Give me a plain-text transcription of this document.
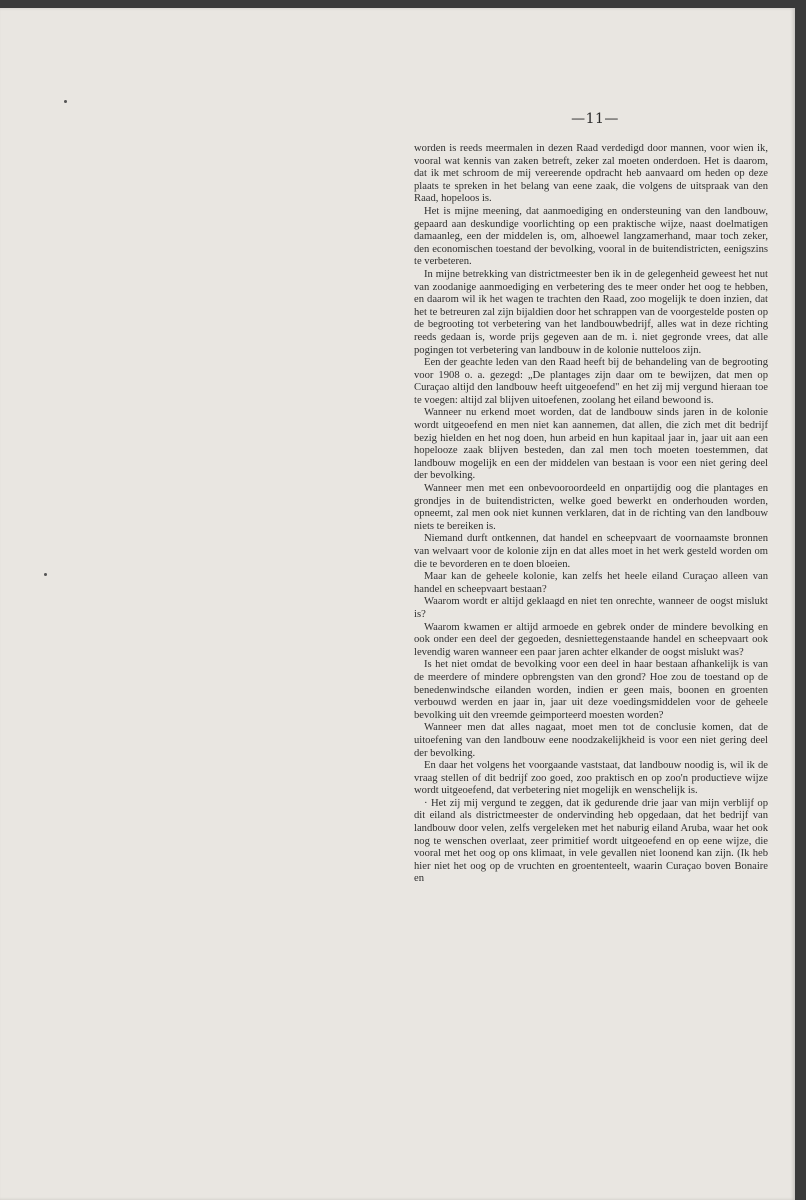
—11—

worden is reeds meermalen in dezen Raad verdedigd door mannen, voor wien ik, vooral wat kennis van zaken betreft, zeker zal moeten onderdoen. Het is daarom, dat ik met schroom de mij vereerende opdracht heb aanvaard om heden op deze plaats te spreken in het belang van eene zaak, die volgens de uitspraak van den Raad, hopeloos is.

Het is mijne meening, dat aanmoediging en ondersteuning van den landbouw, gepaard aan deskundige voorlichting op een praktische wijze, naast doelmatigen damaanleg, een der middelen is, om, alhoewel langzamerhand, maar toch zeker, den economischen toestand der bevolking, vooral in de buitendistricten, eenigszins te verbeteren.

In mijne betrekking van districtmeester ben ik in de gelegenheid geweest het nut van zoodanige aanmoediging en verbetering des te meer onder het oog te hebben, en daarom wil ik het wagen te trachten den Raad, zoo mogelijk te doen inzien, dat het te betreuren zal zijn bijaldien door het schrappen van de voorgestelde posten op de begrooting tot verbetering van het landbouwbedrijf, alles wat in deze richting reeds gedaan is, worde prijs gegeven aan de m. i. niet gegronde vrees, dat alle pogingen tot verbetering van landbouw in de kolonie nutteloos zijn.

Een der geachte leden van den Raad heeft bij de behandeling van de begrooting voor 1908 o. a. gezegd: „De plantages zijn daar om te bewijzen, dat men op Curaçao altijd den landbouw heeft uitgeoefend" en het zij mij vergund hieraan toe te voegen: altijd zal blijven uitoefenen, zoolang het eiland bewoond is.

Wanneer nu erkend moet worden, dat de landbouw sinds jaren in de kolonie wordt uitgeoefend en men niet kan aannemen, dat allen, die zich met dit bedrijf bezig hielden en het nog doen, hun arbeid en hun kapitaal jaar in, jaar uit aan een hopelooze zaak blijven besteden, dan zal men toch moeten toestemmen, dat landbouw mogelijk en een der middelen van bestaan is voor een niet gering deel der bevolking.

Wanneer men met een onbevooroordeeld en onpartijdig oog die plantages en grondjes in de buitendistricten, welke goed bewerkt en onderhouden worden, opneemt, zal men ook niet kunnen verklaren, dat in de richting van den landbouw niets te bereiken is.

Niemand durft ontkennen, dat handel en scheepvaart de voornaamste bronnen van welvaart voor de kolonie zijn en dat alles moet in het werk gesteld worden om die te bevorderen en te doen bloeien.

Maar kan de geheele kolonie, kan zelfs het heele eiland Curaçao alleen van handel en scheepvaart bestaan?

Waarom wordt er altijd geklaagd en niet ten onrechte, wanneer de oogst mislukt is?

Waarom kwamen er altijd armoede en gebrek onder de mindere bevolking en ook onder een deel der gegoeden, desniettegenstaande handel en scheepvaart ook levendig waren wanneer een paar jaren achter elkander de oogst mislukt was?

Is het niet omdat de bevolking voor een deel in haar bestaan afhankelijk is van de meerdere of mindere opbrengsten van den grond? Hoe zou de toestand op de benedenwindsche eilanden worden, indien er geen mais, boonen en groenten verbouwd werden en jaar in, jaar uit deze voedingsmiddelen voor de geheele bevolking uit den vreemde geimporteerd moesten worden?

Wanneer men dat alles nagaat, moet men tot de conclusie komen, dat de uitoefening van den landbouw eene noodzakelijkheid is voor een niet gering deel der bevolking.

En daar het volgens het voorgaande vaststaat, dat landbouw noodig is, wil ik de vraag stellen of dit bedrijf zoo goed, zoo praktisch en op zoo'n productieve wijze wordt uitgeoefend, dat verbetering niet mogelijk en wenschelijk is.

· Het zij mij vergund te zeggen, dat ik gedurende drie jaar van mijn verblijf op dit eiland als districtmeester de ondervinding heb opgedaan, dat het bedrijf van landbouw door velen, zelfs vergeleken met het naburig eiland Aruba, waar het ook nog te wenschen overlaat, zeer primitief wordt uitgeoefend en op eene wijze, die vooral met het oog op ons klimaat, in vele gevallen niet loonend kan zijn. (Ik heb hier niet het oog op de vruchten en groententeelt, waarin Curaçao boven Bonaire en
